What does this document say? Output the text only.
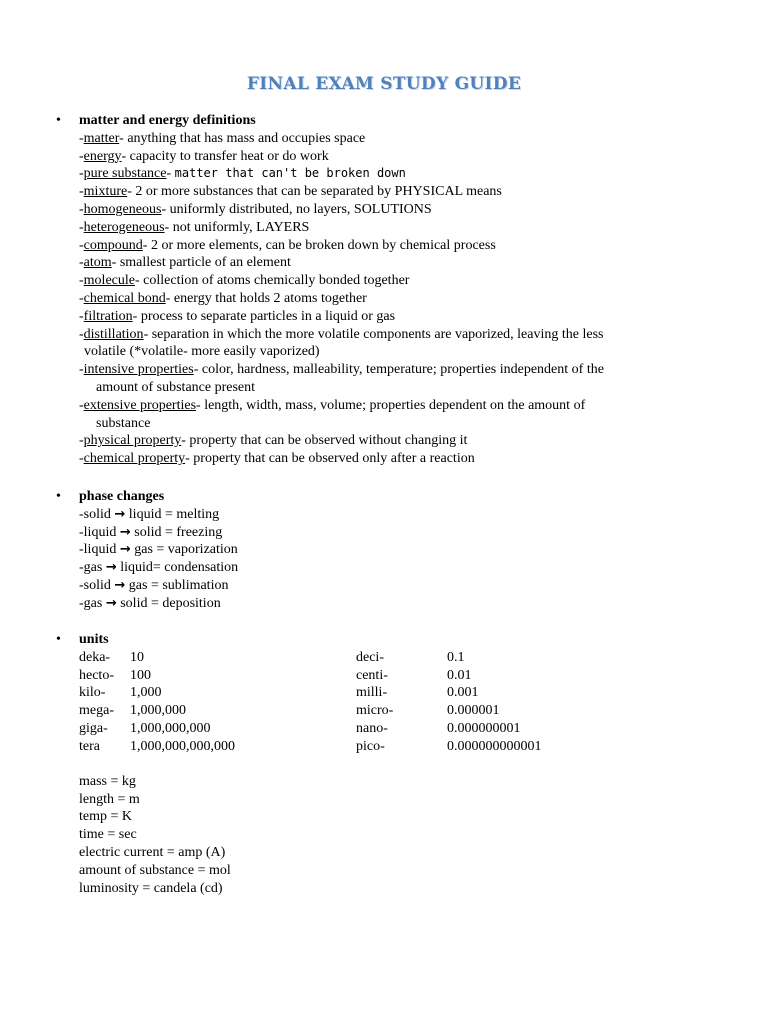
FINAL EXAM STUDY GUIDE
• matter and energy definitions
-matter- anything that has mass and occupies space
-energy- capacity to transfer heat or do work
-pure substance- matter that can't be broken down
-mixture- 2 or more substances that can be separated by PHYSICAL means
-homogeneous- uniformly distributed, no layers, SOLUTIONS
-heterogeneous- not uniformly, LAYERS
-compound- 2 or more elements, can be broken down by chemical process
-atom- smallest particle of an element
-molecule- collection of atoms chemically bonded together
-chemical bond- energy that holds 2 atoms together
-filtration- process to separate particles in a liquid or gas
-distillation- separation in which the more volatile components are vaporized, leaving the less
volatile (*volatile- more easily vaporized)
-intensive properties- color, hardness, malleability, temperature; properties independent of the
amount of substance present
-extensive properties- length, width, mass, volume; properties dependent on the amount of
substance
-physical property- property that can be observed without changing it
-chemical property- property that can be observed only after a reaction
• phase changes
-solid → liquid = melting
-liquid → solid = freezing
-liquid → gas = vaporization
-gas → liquid= condensation
-solid → gas = sublimation
-gas → solid = deposition
• units
deka-
hecto-
kilo-
mega-
giga-
tera
10
100
1,000
1,000,000
1,000,000,000
1,000,000,000,000
deci-
centi-
milli-
micro-
nano-
pico-
0.1
0.01
0.001
0.000001
0.000000001
0.000000000001
mass = kg
length = m
temp = K
time = sec
electric current = amp (A)
amount of substance = mol
luminosity = candela (cd)
